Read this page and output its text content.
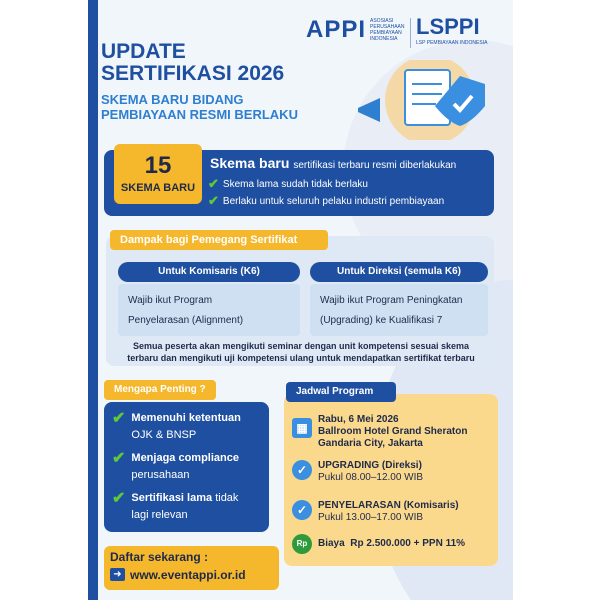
APPI ASOSIASI PERUSAHAAN PEMBIAYAAN INDONESIA LSPPI
LSP PEMBIAYAAN INDONESIA
UPDATE
SERTIFIKASI 2026
SKEMA BARU BIDANG PEMBIAYAAN RESMI BERLAKU
15
SKEMA BARU
Skema baru sertifikasi terbaru resmi diberlakukan
✔ Skema lama sudah tidak berlaku
✔ Berlaku untuk seluruh pelaku industri pembiayaan
Dampak bagi Pemegang Sertifikat
Untuk Komisaris (K6)
Wajib ikut Program
Penyelarasan (Alignment)
Untuk Direksi (semula K6)
Wajib ikut Program Peningkatan
(Upgrading) ke Kualifikasi 7
Semua peserta akan mengikuti seminar dengan unit kompetensi sesuai skema terbaru dan mengikuti uji kompetensi ulang untuk mendapatkan sertifikat terbaru
Mengapa Penting ?
✔ Memenuhi ketentuan
OJK & BNSP
✔ Menjaga compliance
perusahaan
✔ Sertifikasi lama tidak
lagi relevan
Jadwal Program
▦
Rabu, 6 Mei 2026
Ballroom Hotel Grand Sheraton
Gandaria City, Jakarta
✓	UPGRADING (Direksi)
Pukul 08.00–12.00 WIB
✓	PENYELARASAN (Komisaris)
Pukul 13.00–17.00 WIB
Rp	Biaya Rp 2.500.000 + PPN 11%
Daftar sekarang :
➜ www.eventappi.or.id
